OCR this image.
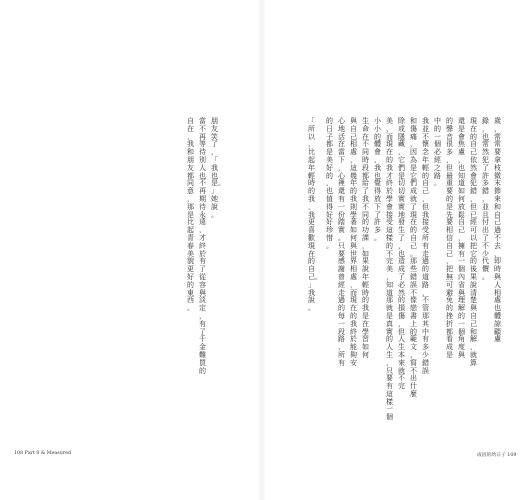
朋友笑了，「我也是。」她說。
當不再等待別人也不再期待永遠，才終於有了從容與淡定，有了千金難買的
自在，我和朋友都同意，那是比起青春美貌更好的東西。
108 Part 8 & Measured
歲，常常要拿枝微末節來和自己過不去，即時與人相處也體諒顧慮
錄，也常然犯了許多錯，並且付出了不少代價。
現在的自己依然會犯錯，但已經可以把它的後果說清楚與自己和解，就算
還是會焦慮，也知道如何放鬆自己，擁有一個內省與理解的一個角度與
的聲音很多，但最重要的是先要相信自己，把無可避免的挫折都看成是
中的一個必經之路。
我並不懷念年輕的自己，但我接受所有走過的道路，不管那其中有多少錯誤
和傷痛，因為是它們成就了現在的自己。那些錯誤不像戀書上的範文，寫不出什麼
除或隱藏，它們是切切實實地發生了，也造成了必然的損傷，但人生本來就不完
美，而現在的我才終於學會接受這樣的不完美，知道那就是真實的人生，只要有這樣一個
小小的體會，我也覺得放下了許多。
生命在不同時段都給了我不同的功課，如果說年輕時的我是在學習如何
與自己相處，這幾年的我則學著如何與世界相處，而現在的我終於能夠安
心地活在當下，心裡還有一份踏實。只要感謝曾經走過的每一段路，所有
的日子都是美好的，也值得好好珍惜。
「所以，比起年輕時的我，我更喜歡現在的自己。」我說。
成因的幼日子 109
